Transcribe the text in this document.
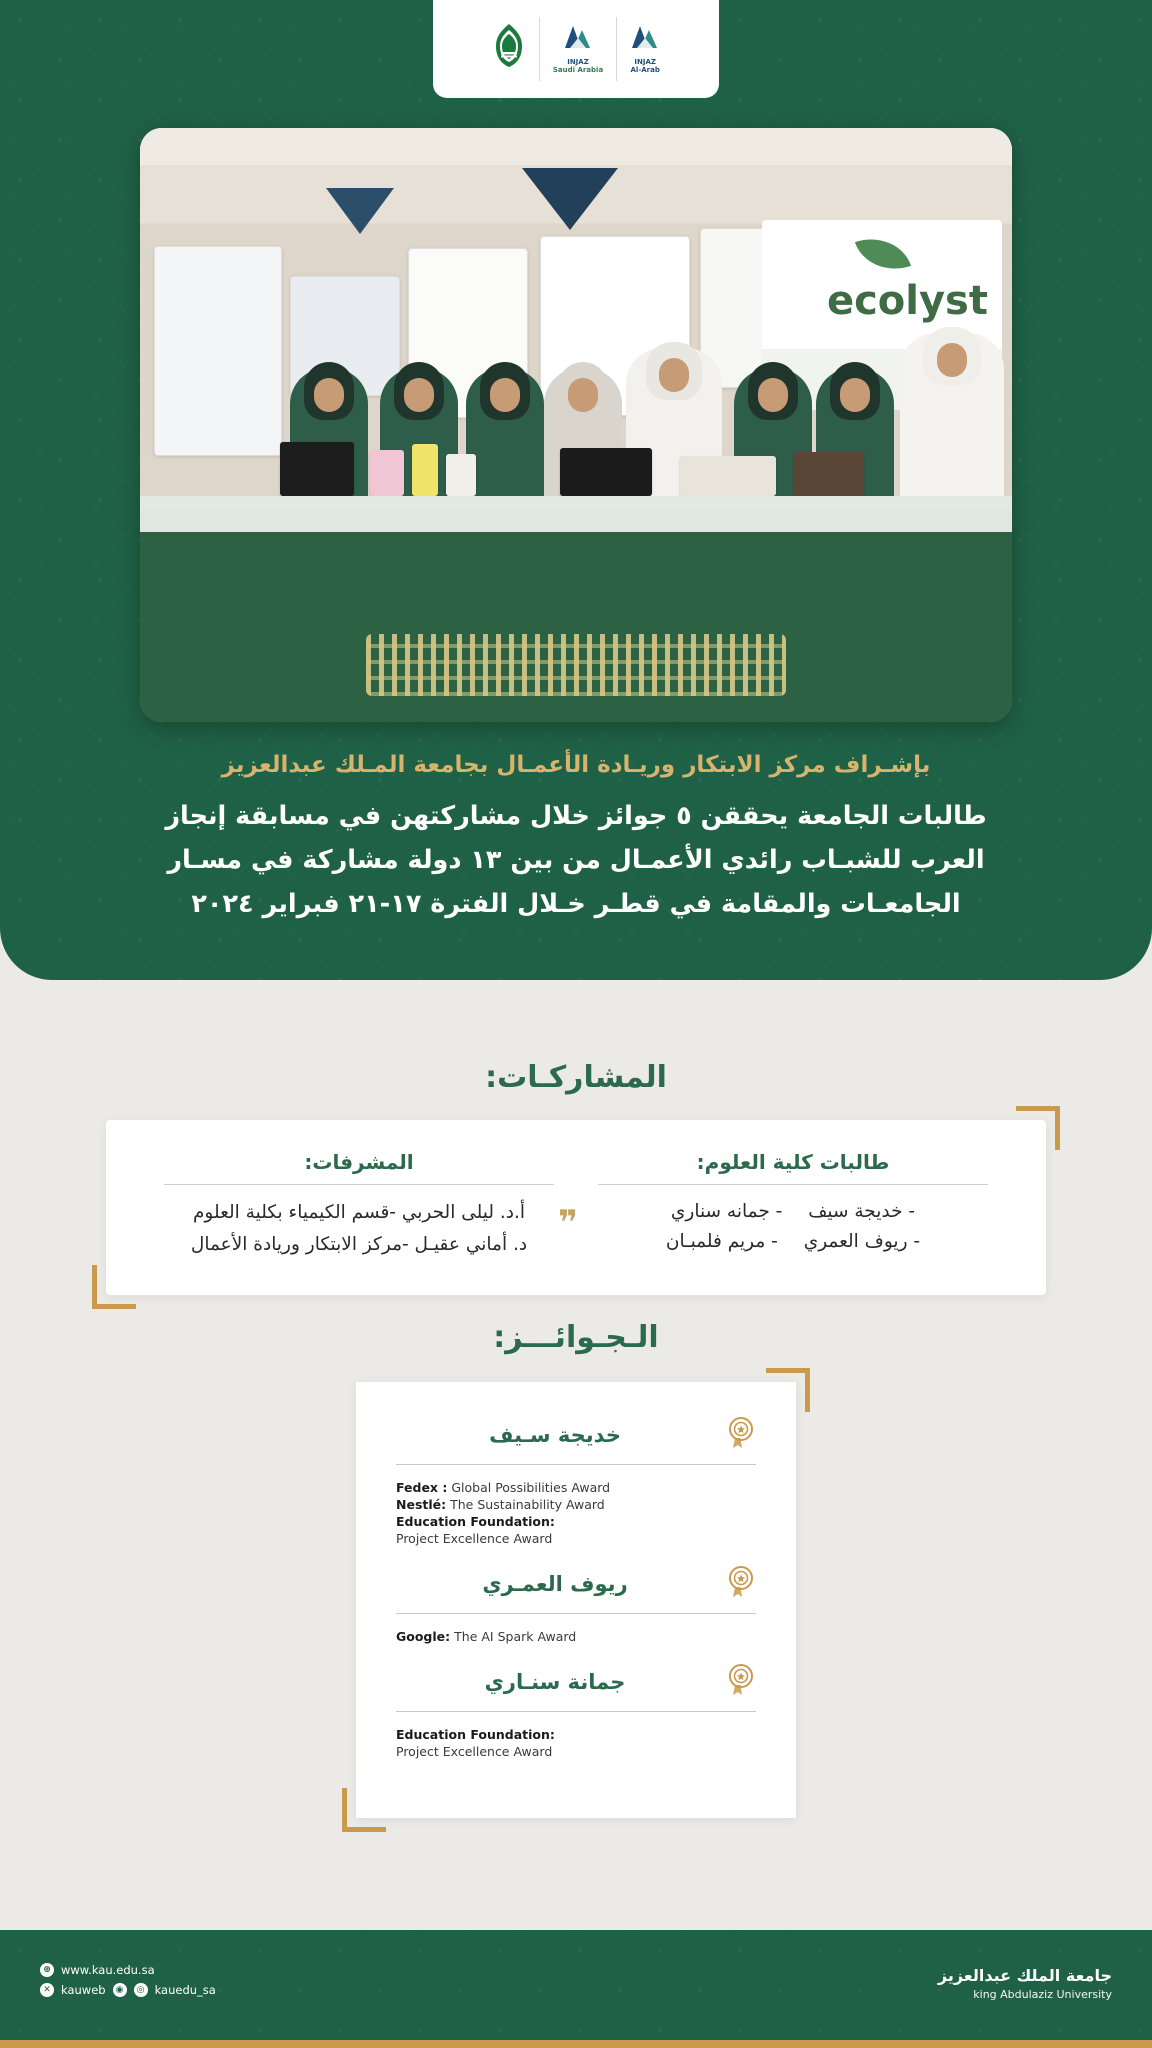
INJAZ
Al-Arab
INJAZ
Saudi Arabia
ecolyst
بإشـراف مركز الابتكار وريـادة الأعمـال بجامعة المـلك عبدالعزيز
طالبات الجامعة يحققن ٥ جوائز خلال مشاركتهن في مسابقة إنجاز
العرب للشبـاب رائدي الأعمـال من بين ١٣ دولة مشاركة في مسـار
الجامعـات والمقامة في قطـر خـلال الفترة ١٧-٢١ فبراير ٢٠٢٤
المشاركـات:
❞
طالبات كلية العلوم:
- خديجة سيف - جمانه سناري
- ريوف العمري - مريم فلمبـان
المشرفات:
أ.د. ليلى الحربي -قسم الكيمياء بكلية العلوم
د. أماني عقيـل -مركز الابتكار وريادة الأعمال
الـجـوائـــز:
خديجة سـيف
Fedex : Global Possibilities Award
Nestlé: The Sustainability Award
Education Foundation:
Project Excellence Award
ريوف العمـري
Google: The AI Spark Award
جمانة سنـاري
Education Foundation:
Project Excellence Award
⊕ www.kau.edu.sa
✕ kauweb	◉	◎ kauedu_sa
جامعة الملك عبدالعزيز
king Abdulaziz University
